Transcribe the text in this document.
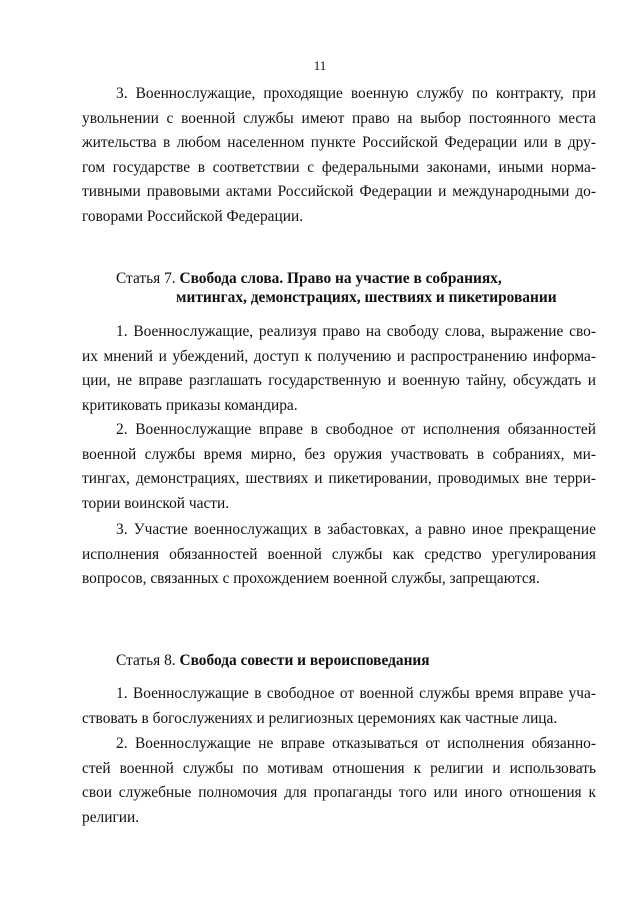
11
3. Военнослужащие, проходящие военную службу по контракту, при
увольнении с военной службы имеют право на выбор постоянного места
жительства в любом населенном пункте Российской Федерации или в дру-
гом государстве в соответствии с федеральными законами, иными норма-
тивными правовыми актами Российской Федерации и международными до-
говорами Российской Федерации.
Статья 7. Свобода слова. Право на участие в собраниях,
митингах, демонстрациях, шествиях и пикетировании
1. Военнослужащие, реализуя право на свободу слова, выражение сво-
их мнений и убеждений, доступ к получению и распространению информа-
ции, не вправе разглашать государственную и военную тайну, обсуждать и
критиковать приказы командира.
2. Военнослужащие вправе в свободное от исполнения обязанностей
военной службы время мирно, без оружия участвовать в собраниях, ми-
тингах, демонстрациях, шествиях и пикетировании, проводимых вне терри-
тории воинской части.
3. Участие военнослужащих в забастовках, а равно иное прекращение
исполнения обязанностей военной службы как средство урегулирования
вопросов, связанных с прохождением военной службы, запрещаются.
Статья 8. Свобода совести и вероисповедания
1. Военнослужащие в свободное от военной службы время вправе уча-
ствовать в богослужениях и религиозных церемониях как частные лица.
2. Военнослужащие не вправе отказываться от исполнения обязанно-
стей военной службы по мотивам отношения к религии и использовать
свои служебные полномочия для пропаганды того или иного отношения к
религии.
